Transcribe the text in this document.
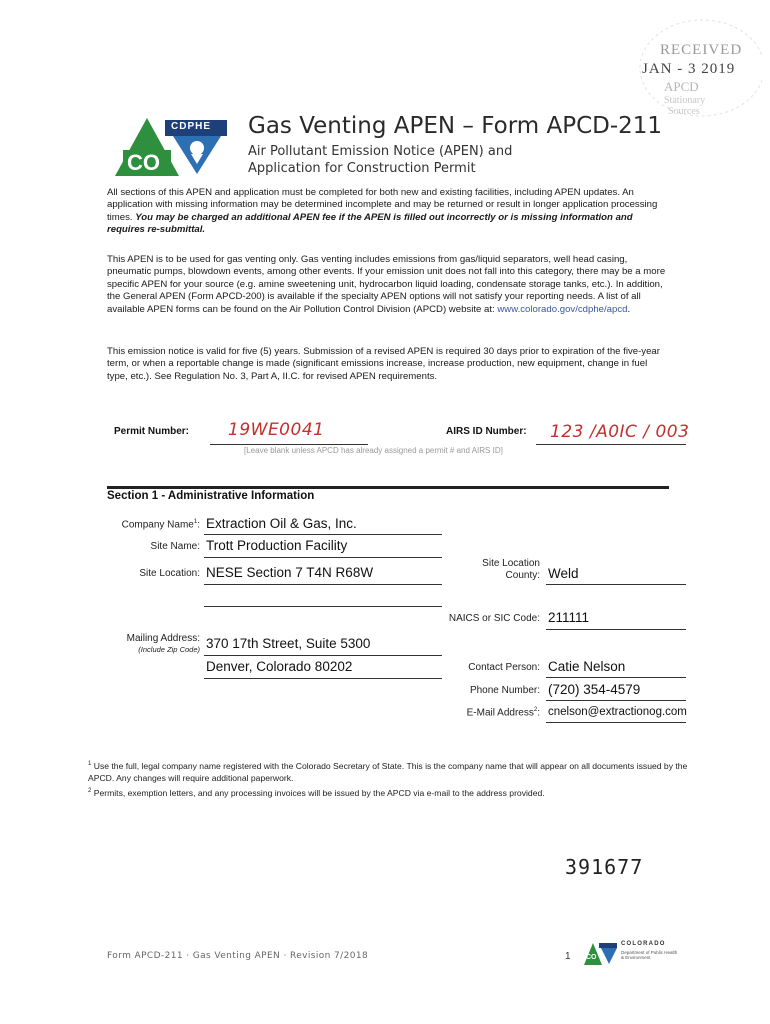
RECEIVED
JAN - 3 2019
APCD
Stationary
Sources
CDPHE
CO
Gas Venting APEN – Form APCD-211
Air Pollutant Emission Notice (APEN) and
Application for Construction Permit
All sections of this APEN and application must be completed for both new and existing facilities, including APEN updates. An application with missing information may be determined incomplete and may be returned or result in longer application processing times. You may be charged an additional APEN fee if the APEN is filled out incorrectly or is missing information and requires re-submittal.
This APEN is to be used for gas venting only. Gas venting includes emissions from gas/liquid separators, well head casing, pneumatic pumps, blowdown events, among other events. If your emission unit does not fall into this category, there may be a more specific APEN for your source (e.g. amine sweetening unit, hydrocarbon liquid loading, condensate storage tanks, etc.). In addition, the General APEN (Form APCD-200) is available if the specialty APEN options will not satisfy your reporting needs. A list of all available APEN forms can be found on the Air Pollution Control Division (APCD) website at: www.colorado.gov/cdphe/apcd.
This emission notice is valid for five (5) years. Submission of a revised APEN is required 30 days prior to expiration of the five-year term, or when a reportable change is made (significant emissions increase, increase production, new equipment, change in fuel type, etc.). See Regulation No. 3, Part A, II.C. for revised APEN requirements.
Permit Number: 19WE0041	AIRS ID Number: 123 /A0IC / 003
[Leave blank unless APCD has already assigned a permit # and AIRS ID]
Section 1 - Administrative Information
Company Name$^1$: Extraction Oil & Gas, Inc.
Site Name: Trott Production Facility
Site Location: NESE Section 7 T4N R68W
Site Location
County: Weld
NAICS or SIC Code: 211111
Mailing Address:
(Include Zip Code) 370 17th Street, Suite 5300
Denver, Colorado 80202	Contact Person: Catie Nelson
Phone Number: (720) 354-4579
E-Mail Address$^2$: cnelson@extractionog.com
$^1$ Use the full, legal company name registered with the Colorado Secretary of State. This is the company name that will appear on all documents issued by the APCD. Any changes will require additional paperwork.
$^2$ Permits, exemption letters, and any processing invoices will be issued by the APCD via e-mail to the address provided.
391677
Form APCD-211 · Gas Venting APEN · Revision 7/2018	1 CO
COLORADO
Department of Public Health & Environment
